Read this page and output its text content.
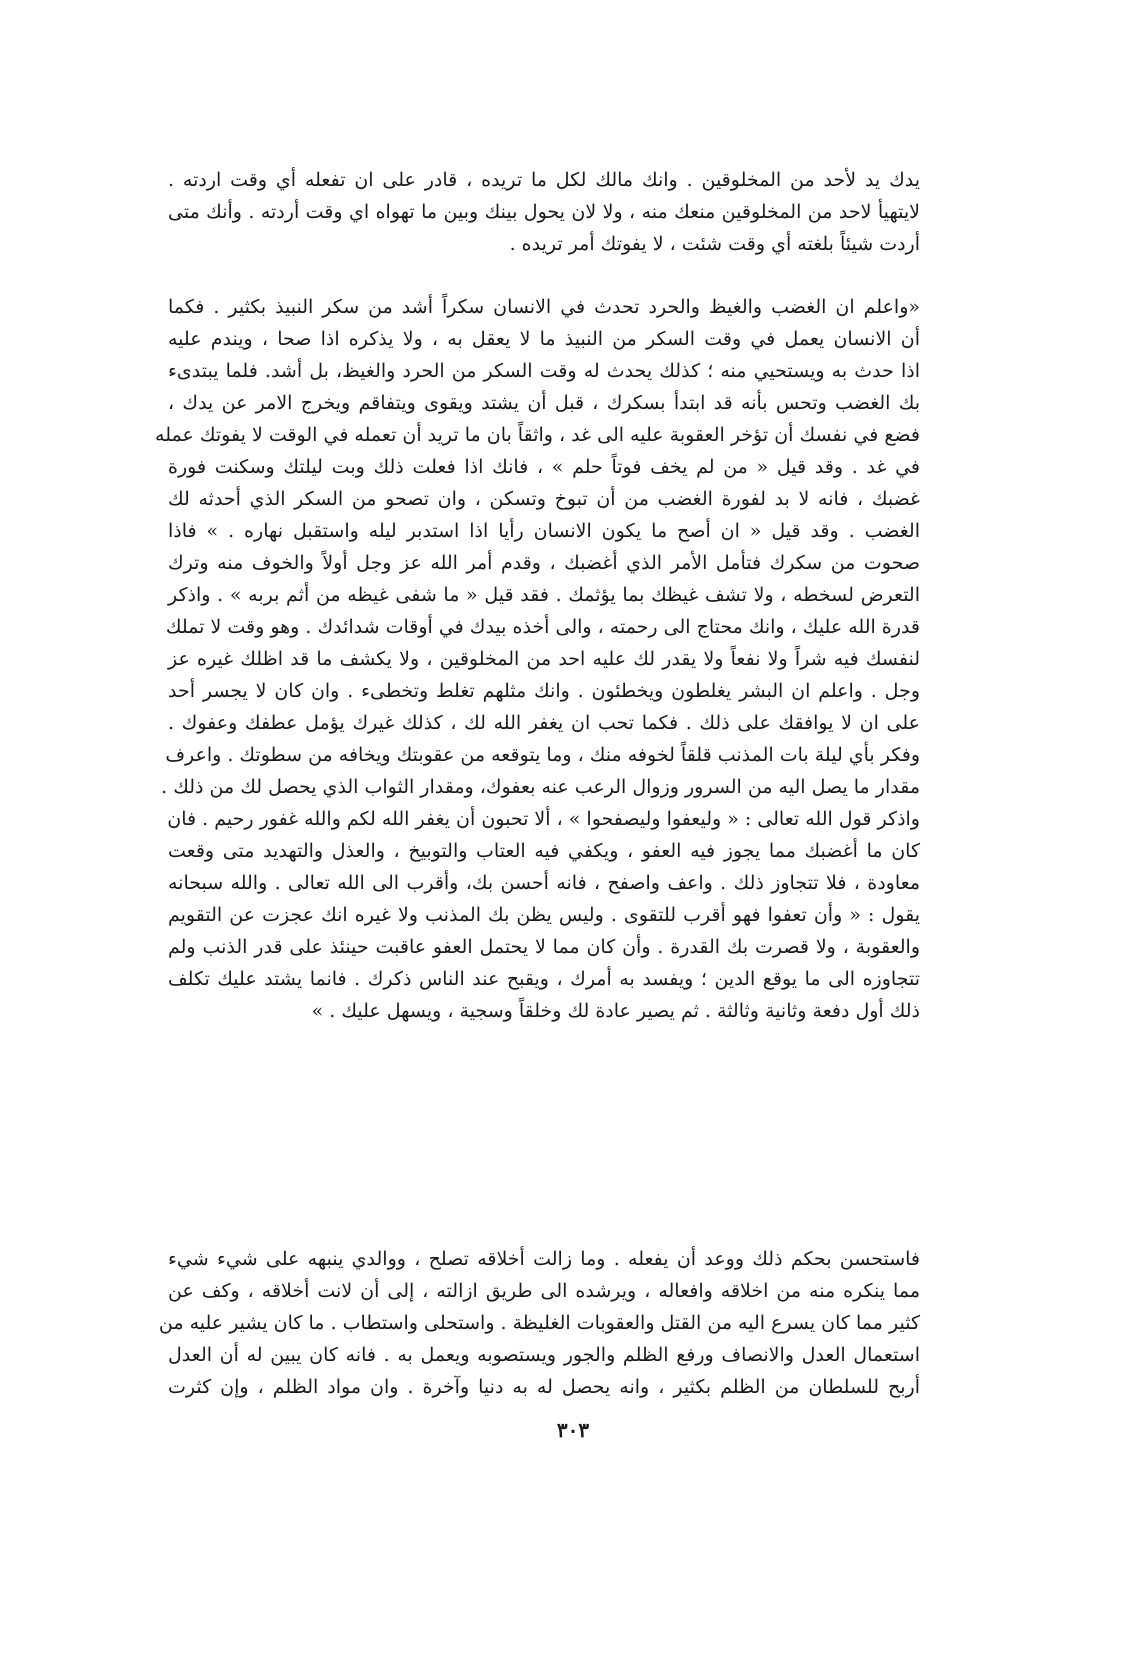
يدك يد لأحد من المخلوقين . وانك مالك لكل ما تريده ، قادر على ان تفعله أي وقت اردته .
لايتهيأ لاحد من المخلوقين منعك منه ، ولا لان يحول بينك وبين ما تهواه اي وقت أردته . وأنك متى
أردت شيئاً بلغته أي وقت شئت ، لا يفوتك أمر تريده .
«واعلم ان الغضب والغيظ والحرد تحدث في الانسان سكراً أشد من سكر النبيذ بكثير . فكما
أن الانسان يعمل في وقت السكر من النبيذ ما لا يعقل به ، ولا يذكره اذا صحا ، ويندم عليه
اذا حدث به ويستحيي منه ؛ كذلك يحدث له وقت السكر من الحرد والغيظ، بل أشد. فلما يبتدىء
بك الغضب وتحس بأنه قد ابتدأ بسكرك ، قبل أن يشتد ويقوى ويتفاقم ويخرج الامر عن يدك ،
فضع في نفسك أن تؤخر العقوبة عليه الى غد ، واثقاً بان ما تريد أن تعمله في الوقت لا يفوتك عمله
في غد . وقد قيل « من لم يخف فوتاً حلم » ، فانك اذا فعلت ذلك وبت ليلتك وسكنت فورة
غضبك ، فانه لا بد لفورة الغضب من أن تبوخ وتسكن ، وان تصحو من السكر الذي أحدثه لك
الغضب . وقد قيل « ان أصح ما يكون الانسان رأيا اذا استدبر ليله واستقبل نهاره . » فاذا
صحوت من سكرك فتأمل الأمر الذي أغضبك ، وقدم أمر الله عز وجل أولاً والخوف منه وترك
التعرض لسخطه ، ولا تشف غيظك بما يؤثمك . فقد قيل « ما شفى غيظه من أثم بربه » . واذكر
قدرة الله عليك ، وانك محتاج الى رحمته ، والى أخذه بيدك في أوقات شدائدك . وهو وقت لا تملك
لنفسك فيه شراً ولا نفعاً ولا يقدر لك عليه احد من المخلوقين ، ولا يكشف ما قد اظلك غيره عز
وجل . واعلم ان البشر يغلطون ويخطئون . وانك مثلهم تغلط وتخطىء . وان كان لا يجسر أحد
على ان لا يوافقك على ذلك . فكما تحب ان يغفر الله لك ، كذلك غيرك يؤمل عطفك وعفوك .
وفكر بأي ليلة بات المذنب قلقاً لخوفه منك ، وما يتوقعه من عقوبتك ويخافه من سطوتك . واعرف
مقدار ما يصل اليه من السرور وزوال الرعب عنه بعفوك، ومقدار الثواب الذي يحصل لك من ذلك .
واذكر قول الله تعالى : « وليعفوا وليصفحوا » ، ألا تحبون أن يغفر الله لكم والله غفور رحيم . فان
كان ما أغضبك مما يجوز فيه العفو ، ويكفي فيه العتاب والتوبيخ ، والعذل والتهديد متى وقعت
معاودة ، فلا تتجاوز ذلك . واعف واصفح ، فانه أحسن بك، وأقرب الى الله تعالى . والله سبحانه
يقول : « وأن تعفوا فهو أقرب للتقوى . وليس يظن بك المذنب ولا غيره انك عجزت عن التقويم
والعقوبة ، ولا قصرت بك القدرة . وأن كان مما لا يحتمل العفو عاقبت حينئذ على قدر الذنب ولم
تتجاوزه الى ما يوقع الدين ؛ ويفسد به أمرك ، ويقبح عند الناس ذكرك . فانما يشتد عليك تكلف
ذلك أول دفعة وثانية وثالثة . ثم يصير عادة لك وخلقاً وسجية ، ويسهل عليك . »
فاستحسن بحكم ذلك ووعد أن يفعله . وما زالت أخلاقه تصلح ، ووالدي ينبهه على شيء شيء
مما ينكره منه من اخلاقه وافعاله ، ويرشده الى طريق ازالته ، إلى أن لانت أخلاقه ، وكف عن
كثير مما كان يسرع اليه من القتل والعقوبات الغليظة . واستحلى واستطاب . ما كان يشير عليه من
استعمال العدل والانصاف ورفع الظلم والجور ويستصوبه ويعمل به . فانه كان يبين له أن العدل
أربح للسلطان من الظلم بكثير ، وانه يحصل له به دنيا وآخرة . وان مواد الظلم ، وإن كثرت
٣٠٣
